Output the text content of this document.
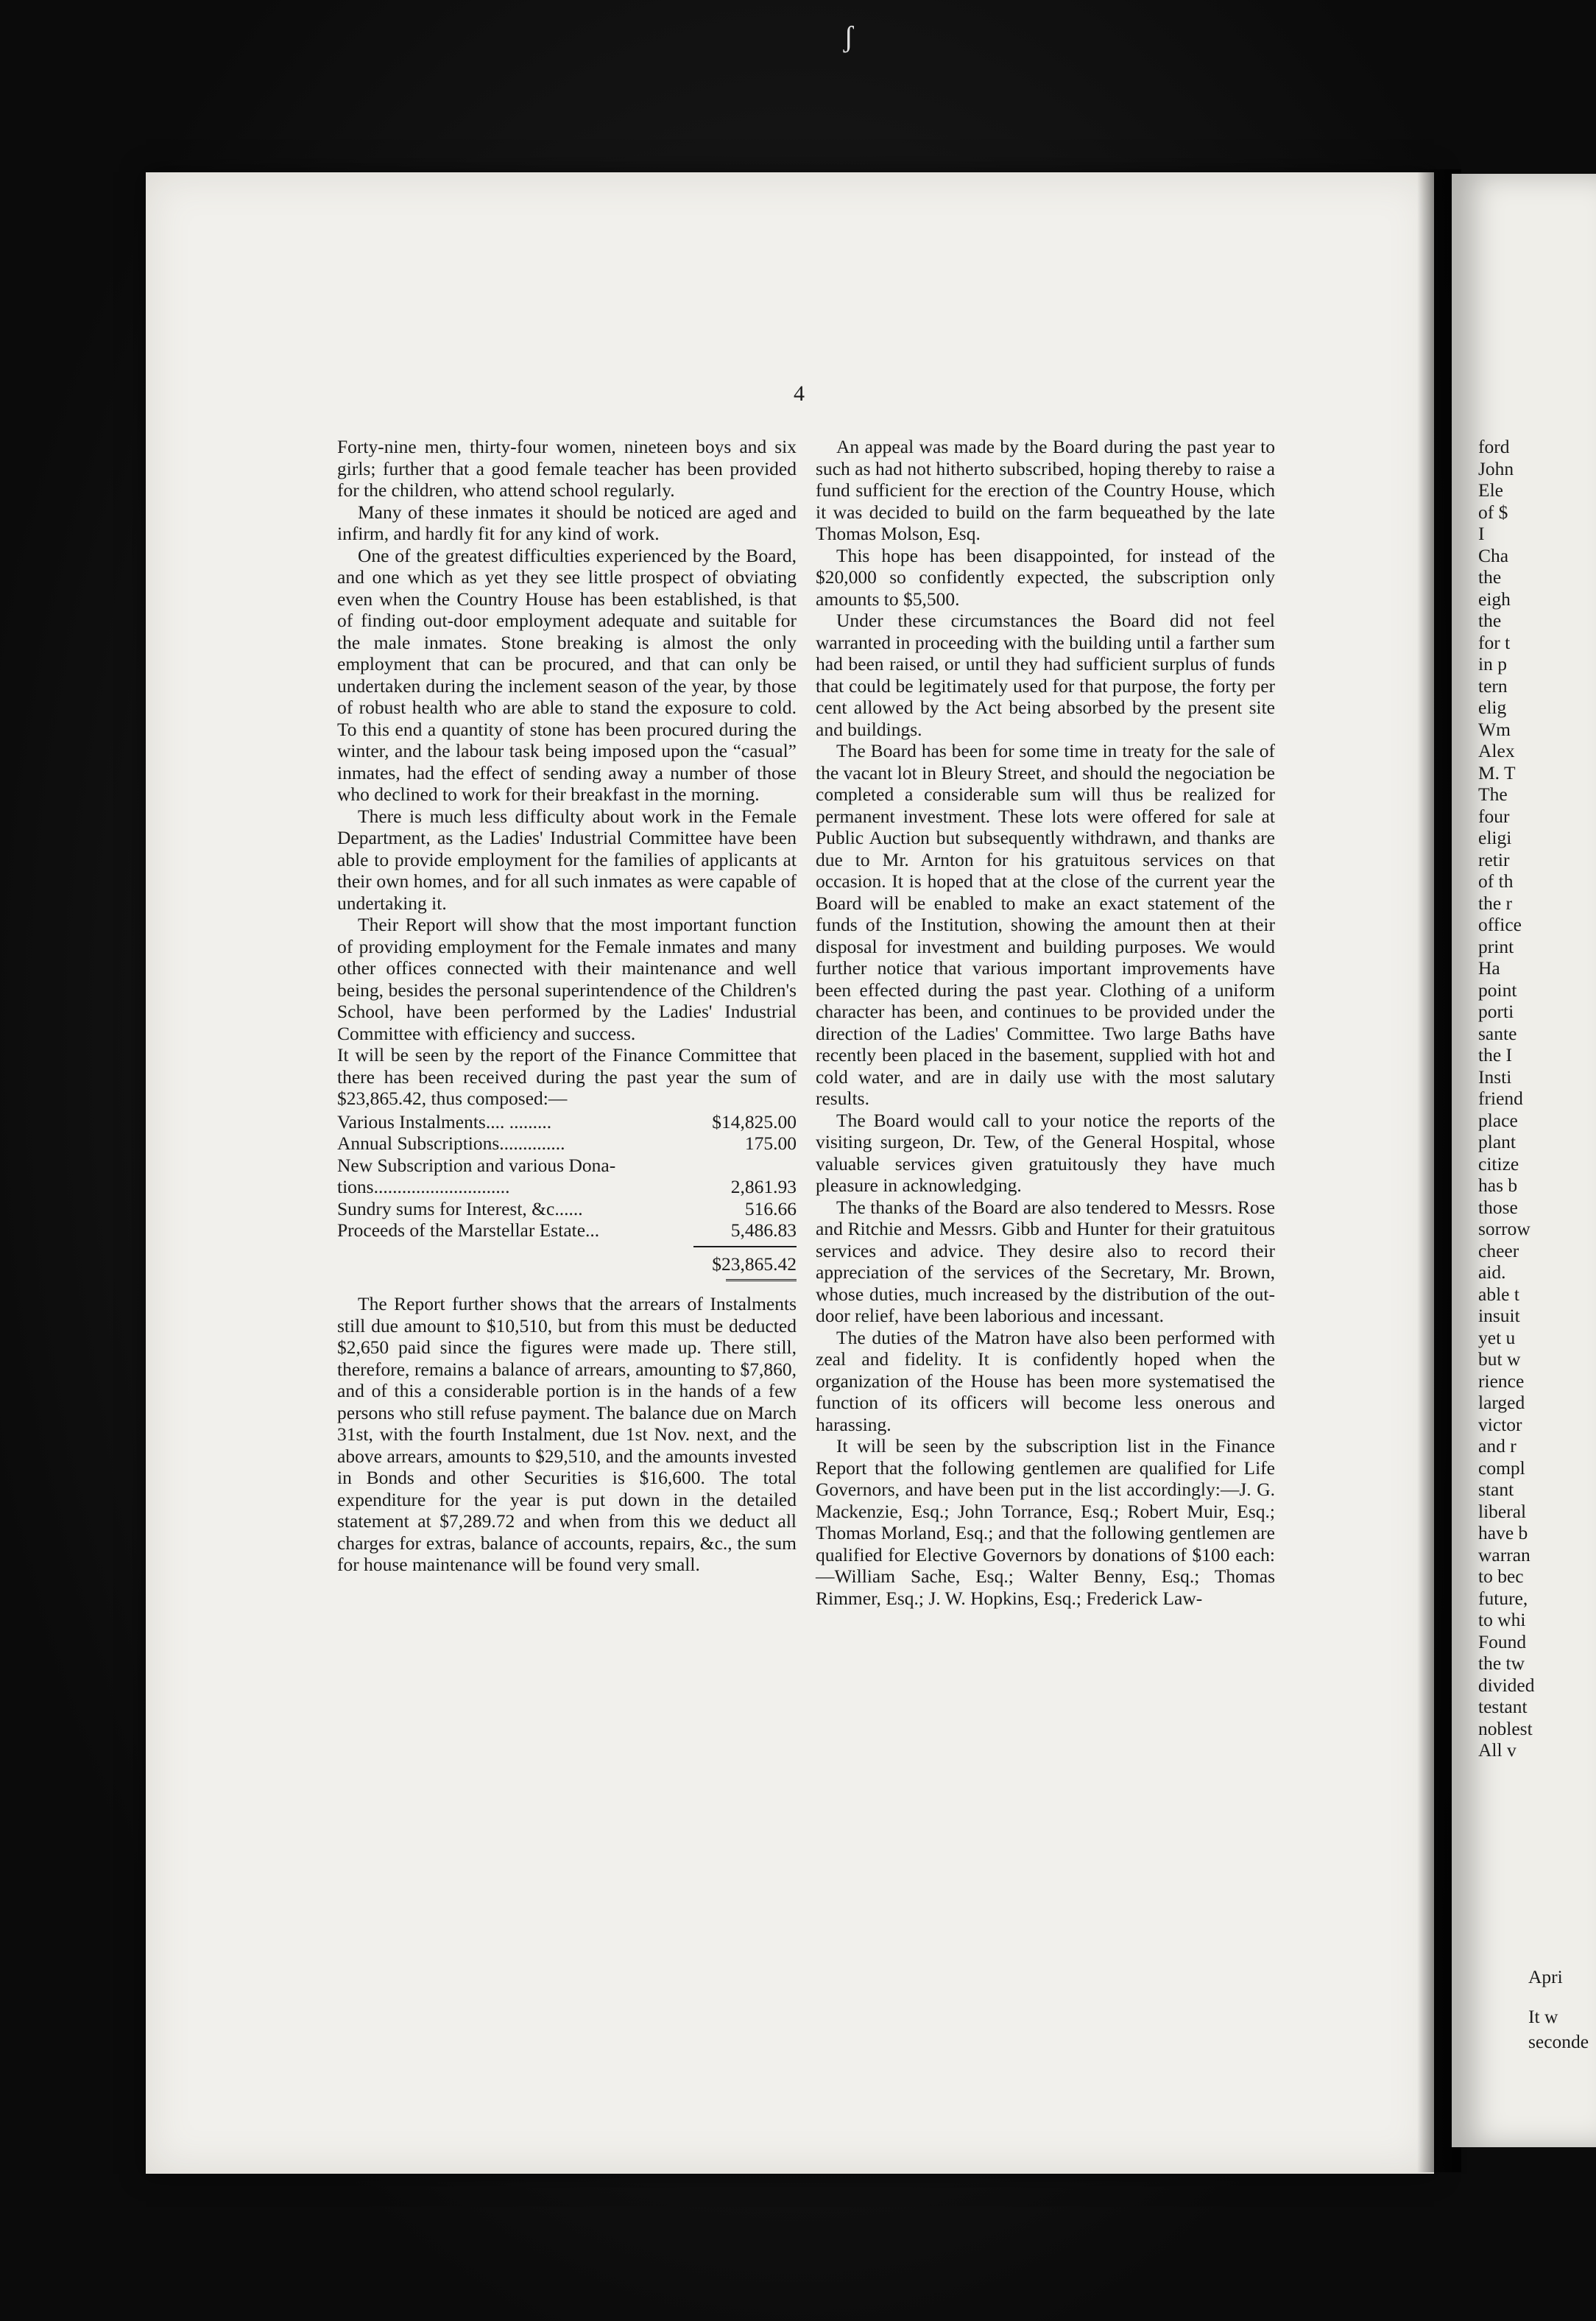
ʃ
ford
John
Ele
of $
I
Cha
the
eigh
the
for t
in p
tern
elig
Wm
Alex
M. T
The
four
eligi
retir
of th
the r
office
print
Ha
point
porti
sante
the I
Insti
friend
place
plant
citize
has b
those
sorrow
cheer
aid.
able t
insuit
yet u
but w
rience
larged
victor
and r
compl
stant
liberal
have b
warran
to bec
future,
to whi
Found
the tw
divided
testant
noblest
All v
Apri
It w
seconde
4

Forty-nine men, thirty-four women, nineteen boys and six girls; further that a good female teacher has been provided for the children, who attend school regularly.

Many of these inmates it should be noticed are aged and infirm, and hardly fit for any kind of work.

One of the greatest difficulties experienced by the Board, and one which as yet they see little prospect of obviating even when the Country House has been established, is that of finding out-door employment adequate and suitable for the male inmates. Stone breaking is almost the only employment that can be procured, and that can only be undertaken during the inclement season of the year, by those of robust health who are able to stand the exposure to cold. To this end a quantity of stone has been procured during the winter, and the labour task being imposed upon the “casual” inmates, had the effect of sending away a number of those who declined to work for their breakfast in the morning.

There is much less difficulty about work in the Female Department, as the Ladies' Industrial Committee have been able to provide employment for the families of applicants at their own homes, and for all such inmates as were capable of undertaking it.

Their Report will show that the most important function of providing employment for the Female inmates and many other offices connected with their maintenance and well being, besides the personal superintendence of the Children's School, have been performed by the Ladies' Industrial Committee with efficiency and success.

It will be seen by the report of the Finance Committee that there has been received during the past year the sum of $23,865.42, thus composed:—

Various Instalments.... .........	$14,825.00
Annual Subscriptions..............	175.00
New Subscription and various Dona-
tions.............................	2,861.93
Sundry sums for Interest, &c......	516.66
Proceeds of the Marstellar Estate...	5,486.83
$23,865.42

The Report further shows that the arrears of Instalments still due amount to $10,510, but from this must be deducted $2,650 paid since the figures were made up. There still, therefore, remains a balance of arrears, amounting to $7,860, and of this a considerable portion is in the hands of a few persons who still refuse payment. The balance due on March 31st, with the fourth Instalment, due 1st Nov. next, and the above arrears, amounts to $29,510, and the amounts invested in Bonds and other Securities is $16,600. The total expenditure for the year is put down in the detailed statement at $7,289.72 and when from this we deduct all charges for extras, balance of accounts, repairs, &c., the sum for house maintenance will be found very small.

An appeal was made by the Board during the past year to such as had not hitherto subscribed, hoping thereby to raise a fund sufficient for the erection of the Country House, which it was decided to build on the farm bequeathed by the late Thomas Molson, Esq.

This hope has been disappointed, for instead of the $20,000 so confidently expected, the subscription only amounts to $5,500.

Under these circumstances the Board did not feel warranted in proceeding with the building until a farther sum had been raised, or until they had sufficient surplus of funds that could be legitimately used for that purpose, the forty per cent allowed by the Act being absorbed by the present site and buildings.

The Board has been for some time in treaty for the sale of the vacant lot in Bleury Street, and should the negociation be completed a considerable sum will thus be realized for permanent investment. These lots were offered for sale at Public Auction but subsequently withdrawn, and thanks are due to Mr. Arnton for his gratuitous services on that occasion. It is hoped that at the close of the current year the Board will be enabled to make an exact statement of the funds of the Institution, showing the amount then at their disposal for investment and building purposes. We would further notice that various important improvements have been effected during the past year. Clothing of a uniform character has been, and continues to be provided under the direction of the Ladies' Committee. Two large Baths have recently been placed in the basement, supplied with hot and cold water, and are in daily use with the most salutary results.

The Board would call to your notice the reports of the visiting surgeon, Dr. Tew, of the General Hospital, whose valuable services given gratuitously they have much pleasure in acknowledging.

The thanks of the Board are also tendered to Messrs. Rose and Ritchie and Messrs. Gibb and Hunter for their gratuitous services and advice. They desire also to record their appreciation of the services of the Secretary, Mr. Brown, whose duties, much increased by the distribution of the out-door relief, have been laborious and incessant.

The duties of the Matron have also been performed with zeal and fidelity. It is confidently hoped when the organization of the House has been more systematised the function of its officers will become less onerous and harassing.

It will be seen by the subscription list in the Finance Report that the following gentlemen are qualified for Life Governors, and have been put in the list accordingly:—J. G. Mackenzie, Esq.; John Torrance, Esq.; Robert Muir, Esq.; Thomas Morland, Esq.; and that the following gentlemen are qualified for Elective Governors by donations of $100 each:—William Sache, Esq.; Walter Benny, Esq.; Thomas Rimmer, Esq.; J. W. Hopkins, Esq.; Frederick Law-
